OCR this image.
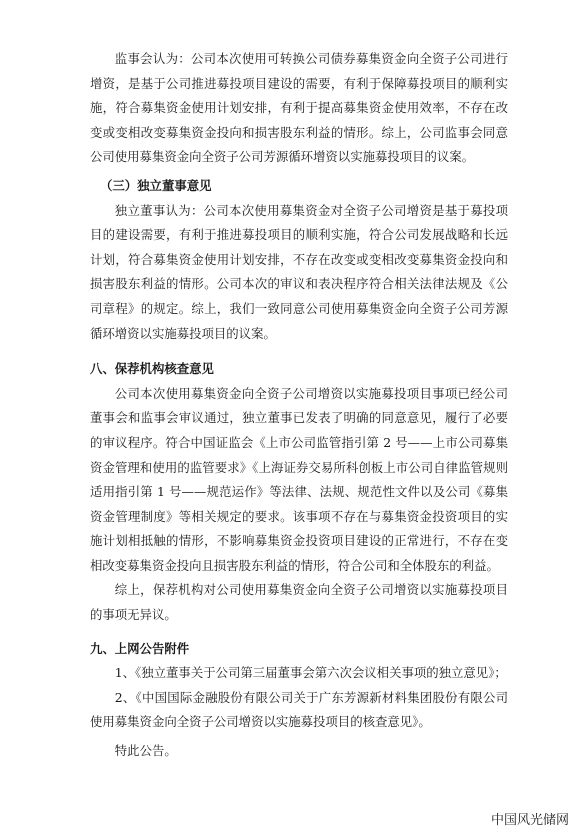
监事会认为：公司本次使用可转换公司债券募集资金向全资子公司进行增资，是基于公司推进募投项目建设的需要，有利于保障募投项目的顺利实施，符合募集资金使用计划安排，有利于提高募集资金使用效率，不存在改变或变相改变募集资金投向和损害股东利益的情形。综上，公司监事会同意公司使用募集资金向全资子公司芳源循环增资以实施募投项目的议案。

（三）独立董事意见

独立董事认为：公司本次使用募集资金对全资子公司增资是基于募投项目的建设需要，有利于推进募投项目的顺利实施，符合公司发展战略和长远计划，符合募集资金使用计划安排，不存在改变或变相改变募集资金投向和损害股东利益的情形。公司本次的审议和表决程序符合相关法律法规及《公司章程》的规定。综上，我们一致同意公司使用募集资金向全资子公司芳源循环增资以实施募投项目的议案。

八、保荐机构核查意见

公司本次使用募集资金向全资子公司增资以实施募投项目事项已经公司董事会和监事会审议通过，独立董事已发表了明确的同意意见，履行了必要的审议程序。符合中国证监会《上市公司监管指引第 2 号——上市公司募集资金管理和使用的监管要求》《上海证券交易所科创板上市公司自律监管规则适用指引第 1 号——规范运作》等法律、法规、规范性文件以及公司《募集资金管理制度》等相关规定的要求。该事项不存在与募集资金投资项目的实施计划相抵触的情形，不影响募集资金投资项目建设的正常进行，不存在变相改变募集资金投向且损害股东利益的情形，符合公司和全体股东的利益。

综上，保荐机构对公司使用募集资金向全资子公司增资以实施募投项目的事项无异议。

九、上网公告附件

1、《独立董事关于公司第三届董事会第六次会议相关事项的独立意见》；

2、《中国国际金融股份有限公司关于广东芳源新材料集团股份有限公司使用募集资金向全资子公司增资以实施募投项目的核查意见》。

特此公告。

中国风光储网
